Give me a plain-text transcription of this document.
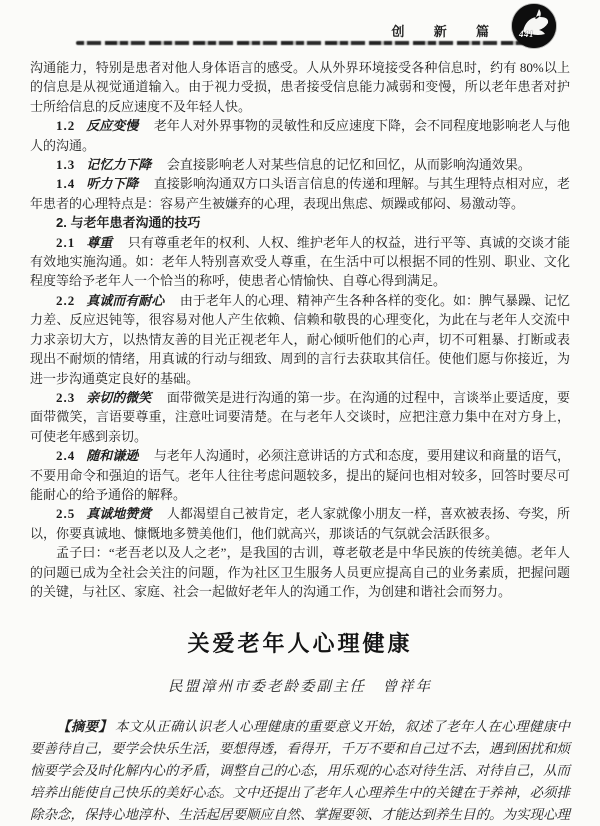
创 新 篇 441

沟通能力，特别是患者对他人身体语言的感受。人从外界环境接受各种信息时，约有 80%以上的信息是从视觉通道输入。由于视力受损，患者接受信息能力减弱和变慢，所以老年患者对护士所给信息的反应速度不及年轻人快。

1.2 反应变慢 老年人对外界事物的灵敏性和反应速度下降，会不同程度地影响老人与他人的沟通。

1.3 记忆力下降 会直接影响老人对某些信息的记忆和回忆，从而影响沟通效果。

1.4 听力下降 直接影响沟通双方口头语言信息的传递和理解。与其生理特点相对应，老年患者的心理特点是：容易产生被嫌弃的心理，表现出焦虑、烦躁或郁闷、易激动等。

2. 与老年患者沟通的技巧

2.1 尊重 只有尊重老年的权利、人权、维护老年人的权益，进行平等、真诚的交谈才能有效地实施沟通。如：老年人特别喜欢受人尊重，在生活中可以根据不同的性别、职业、文化程度等给予老年人一个恰当的称呼，使患者心情愉快、自尊心得到满足。

2.2 真诚而有耐心 由于老年人的心理、精神产生各种各样的变化。如：脾气暴躁、记忆力差、反应迟钝等，很容易对他人产生依赖、信赖和敬畏的心理变化，为此在与老年人交流中力求亲切大方，以热情友善的目光正视老年人，耐心倾听他们的心声，切不可粗暴、打断或表现出不耐烦的情绪，用真诚的行动与细致、周到的言行去获取其信任。使他们愿与你接近，为进一步沟通奠定良好的基础。

2.3 亲切的微笑 面带微笑是进行沟通的第一步。在沟通的过程中，言谈举止要适度，要面带微笑，言语要尊重，注意吐词要清楚。在与老年人交谈时，应把注意力集中在对方身上，可使老年感到亲切。

2.4 随和谦逊 与老年人沟通时，必须注意讲话的方式和态度，要用建议和商量的语气，不要用命令和强迫的语气。老年人往往考虑问题较多，提出的疑问也相对较多，回答时要尽可能耐心的给予通俗的解释。

2.5 真诚地赞赏 人都渴望自己被肯定，老人家就像小朋友一样，喜欢被表扬、夸奖，所以，你要真诚地、慷慨地多赞美他们，他们就高兴，那谈话的气氛就会活跃很多。

孟子曰：“老吾老以及人之老”，是我国的古训，尊老敬老是中华民族的传统美德。老年人的问题已成为全社会关注的问题，作为社区卫生服务人员更应提高自己的业务素质，把握问题的关键，与社区、家庭、社会一起做好老年人的沟通工作，为创建和谐社会而努力。

关爱老年人心理健康
民盟漳州市委老龄委副主任　曾祥年

【摘要】 本文从正确认识老人心理健康的重要意义开始，叙述了老年人在心理健康中要善待自己，要学会快乐生活，要想得透，看得开，千万不要和自己过不去，遇到困扰和烦恼要学会及时化解内心的矛盾，调整自己的心态，用乐观的心态对待生活、对待自己，从而培养出能使自己快乐的美好心态。文中还提出了老年人心理养生中的关键在于养神，必须排除杂念，保持心地淳朴、生活起居要顺应自然、掌握要领、才能达到养生目的。为实现心理
